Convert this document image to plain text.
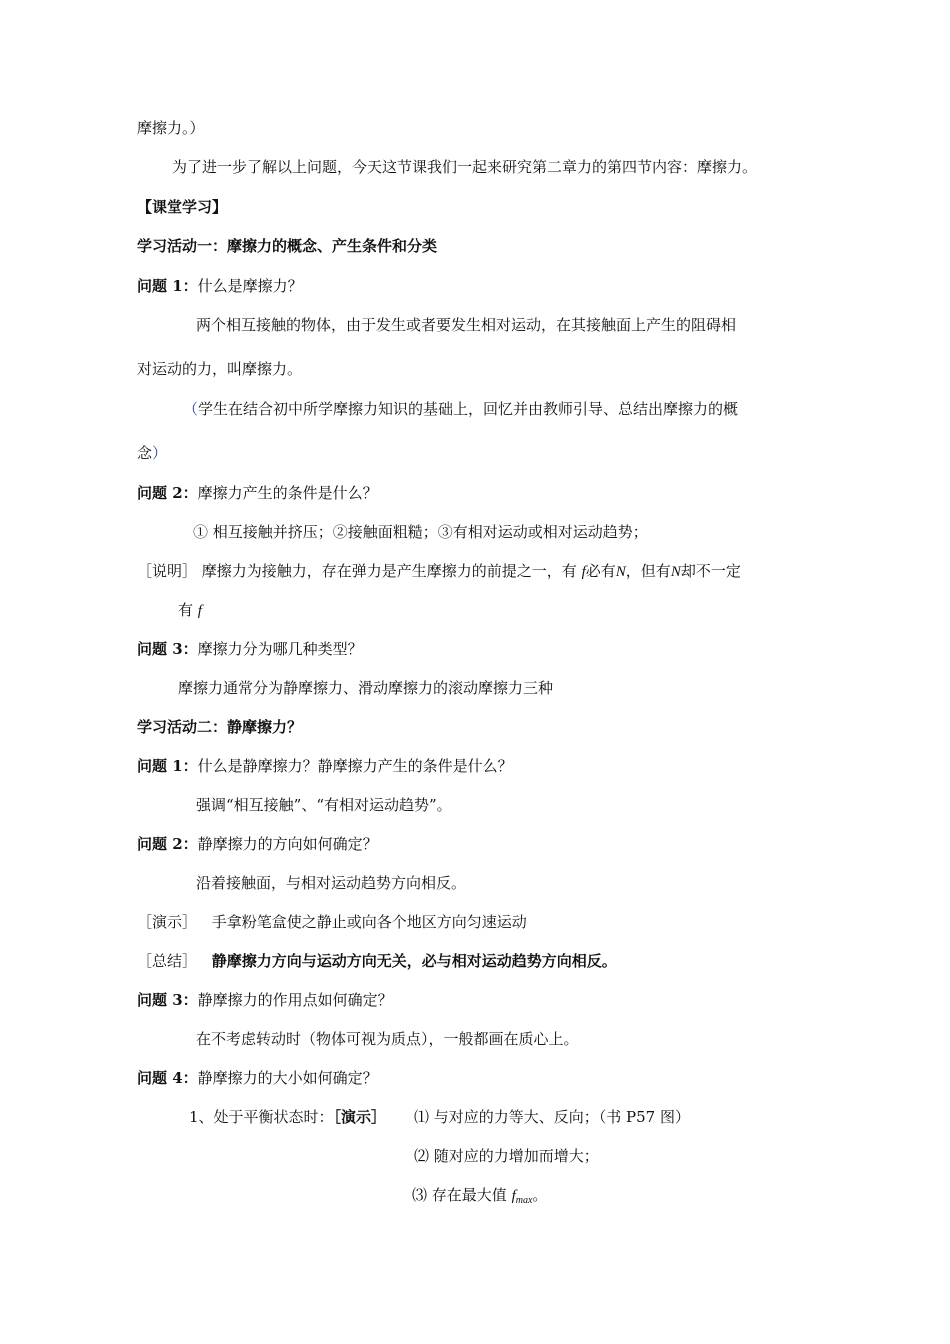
摩擦力。）
为了进一步了解以上问题，今天这节课我们一起来研究第二章力的第四节内容：摩擦力。
【课堂学习】
学习活动一：摩擦力的概念、产生条件和分类
问题 1：什么是摩擦力？
两个相互接触的物体，由于发生或者要发生相对运动，在其接触面上产生的阻碍相
对运动的力，叫摩擦力。
（学生在结合初中所学摩擦力知识的基础上，回忆并由教师引导、总结出摩擦力的概
念）
问题 2：摩擦力产生的条件是什么？
① 相互接触并挤压；②接触面粗糙；③有相对运动或相对运动趋势；
［说明］ 摩擦力为接触力，存在弹力是产生摩擦力的前提之一，有 f必有N，但有N却不一定
有 f
问题 3：摩擦力分为哪几种类型？
摩擦力通常分为静摩擦力、滑动摩擦力的滚动摩擦力三种
学习活动二：静摩擦力？
问题 1：什么是静摩擦力？静摩擦力产生的条件是什么？
强调“相互接触”、“有相对运动趋势”。
问题 2：静摩擦力的方向如何确定？
沿着接触面，与相对运动趋势方向相反。
［演示］ 手拿粉笔盒使之静止或向各个地区方向匀速运动
［总结］ 静摩擦力方向与运动方向无关，必与相对运动趋势方向相反。
问题 3：静摩擦力的作用点如何确定？
在不考虑转动时（物体可视为质点），一般都画在质心上。
问题 4：静摩擦力的大小如何确定？
1、处于平衡状态时：［演示］ ⑴ 与对应的力等大、反向；（书 P57 图）
⑵ 随对应的力增加而增大；
⑶ 存在最大值 $f_{max}$。
